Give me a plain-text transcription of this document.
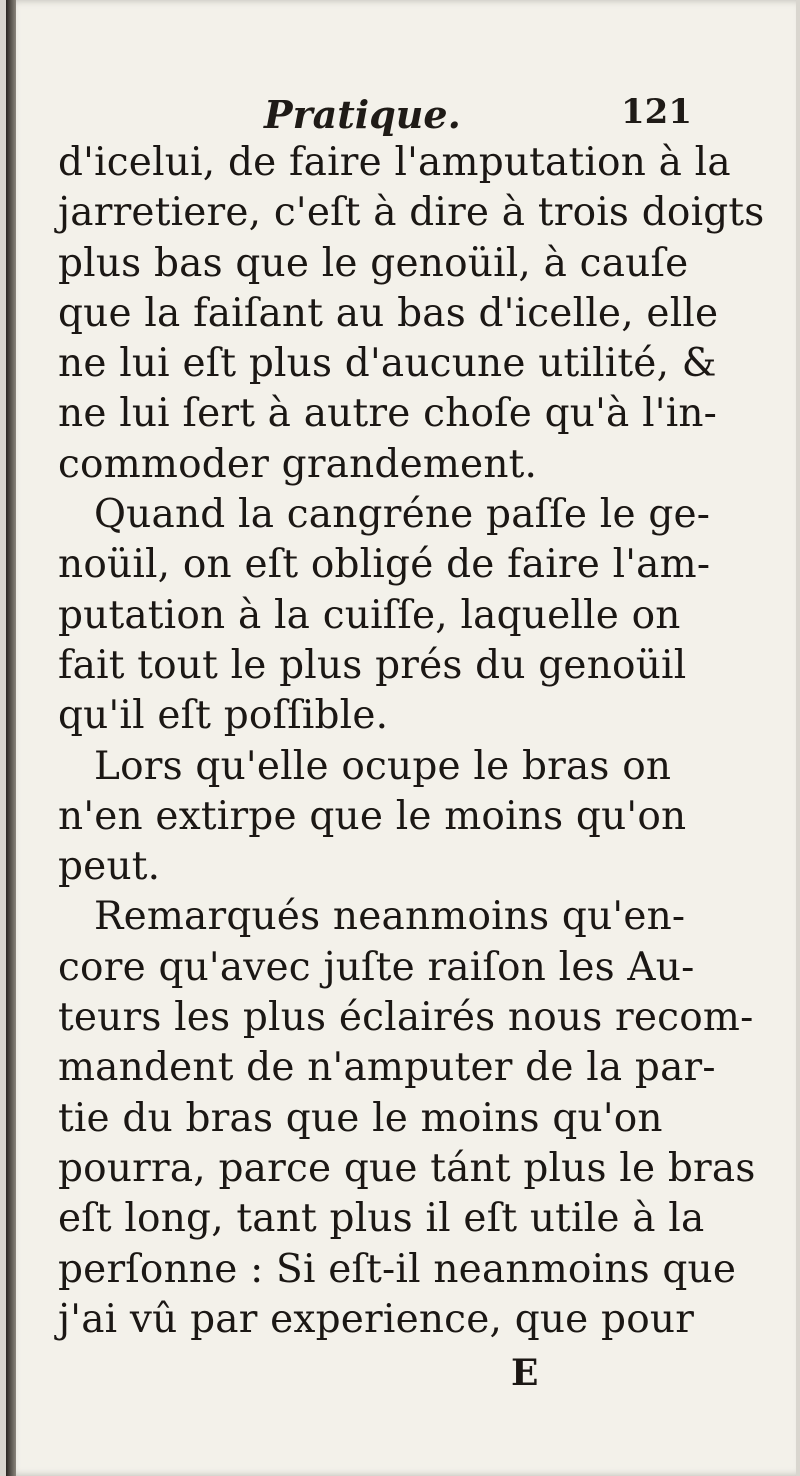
Pratique.	121
d'icelui, de faire l'amputation à la
jarretiere, c'eſt à dire à trois doigts
plus bas que le genoüil, à cauſe
que la faiſant au bas d'icelle, elle
ne lui eſt plus d'aucune utilité, &
ne lui ſert à autre choſe qu'à l'in-
commoder grandement.
Quand la cangréne paſſe le ge-
noüil, on eſt obligé de faire l'am-
putation à la cuiſſe, laquelle on
fait tout le plus prés du genoüil
qu'il eſt poſſible.
Lors qu'elle ocupe le bras on
n'en extirpe que le moins qu'on
peut.
Remarqués neanmoins qu'en-
core qu'avec juſte raiſon les Au-
teurs les plus éclairés nous recom-
mandent de n'amputer de la par-
tie du bras que le moins qu'on
pourra, parce que tánt plus le bras
eſt long, tant plus il eſt utile à la
perſonne : Si eſt-il neanmoins que
j'ai vû par experience, que pour
E
